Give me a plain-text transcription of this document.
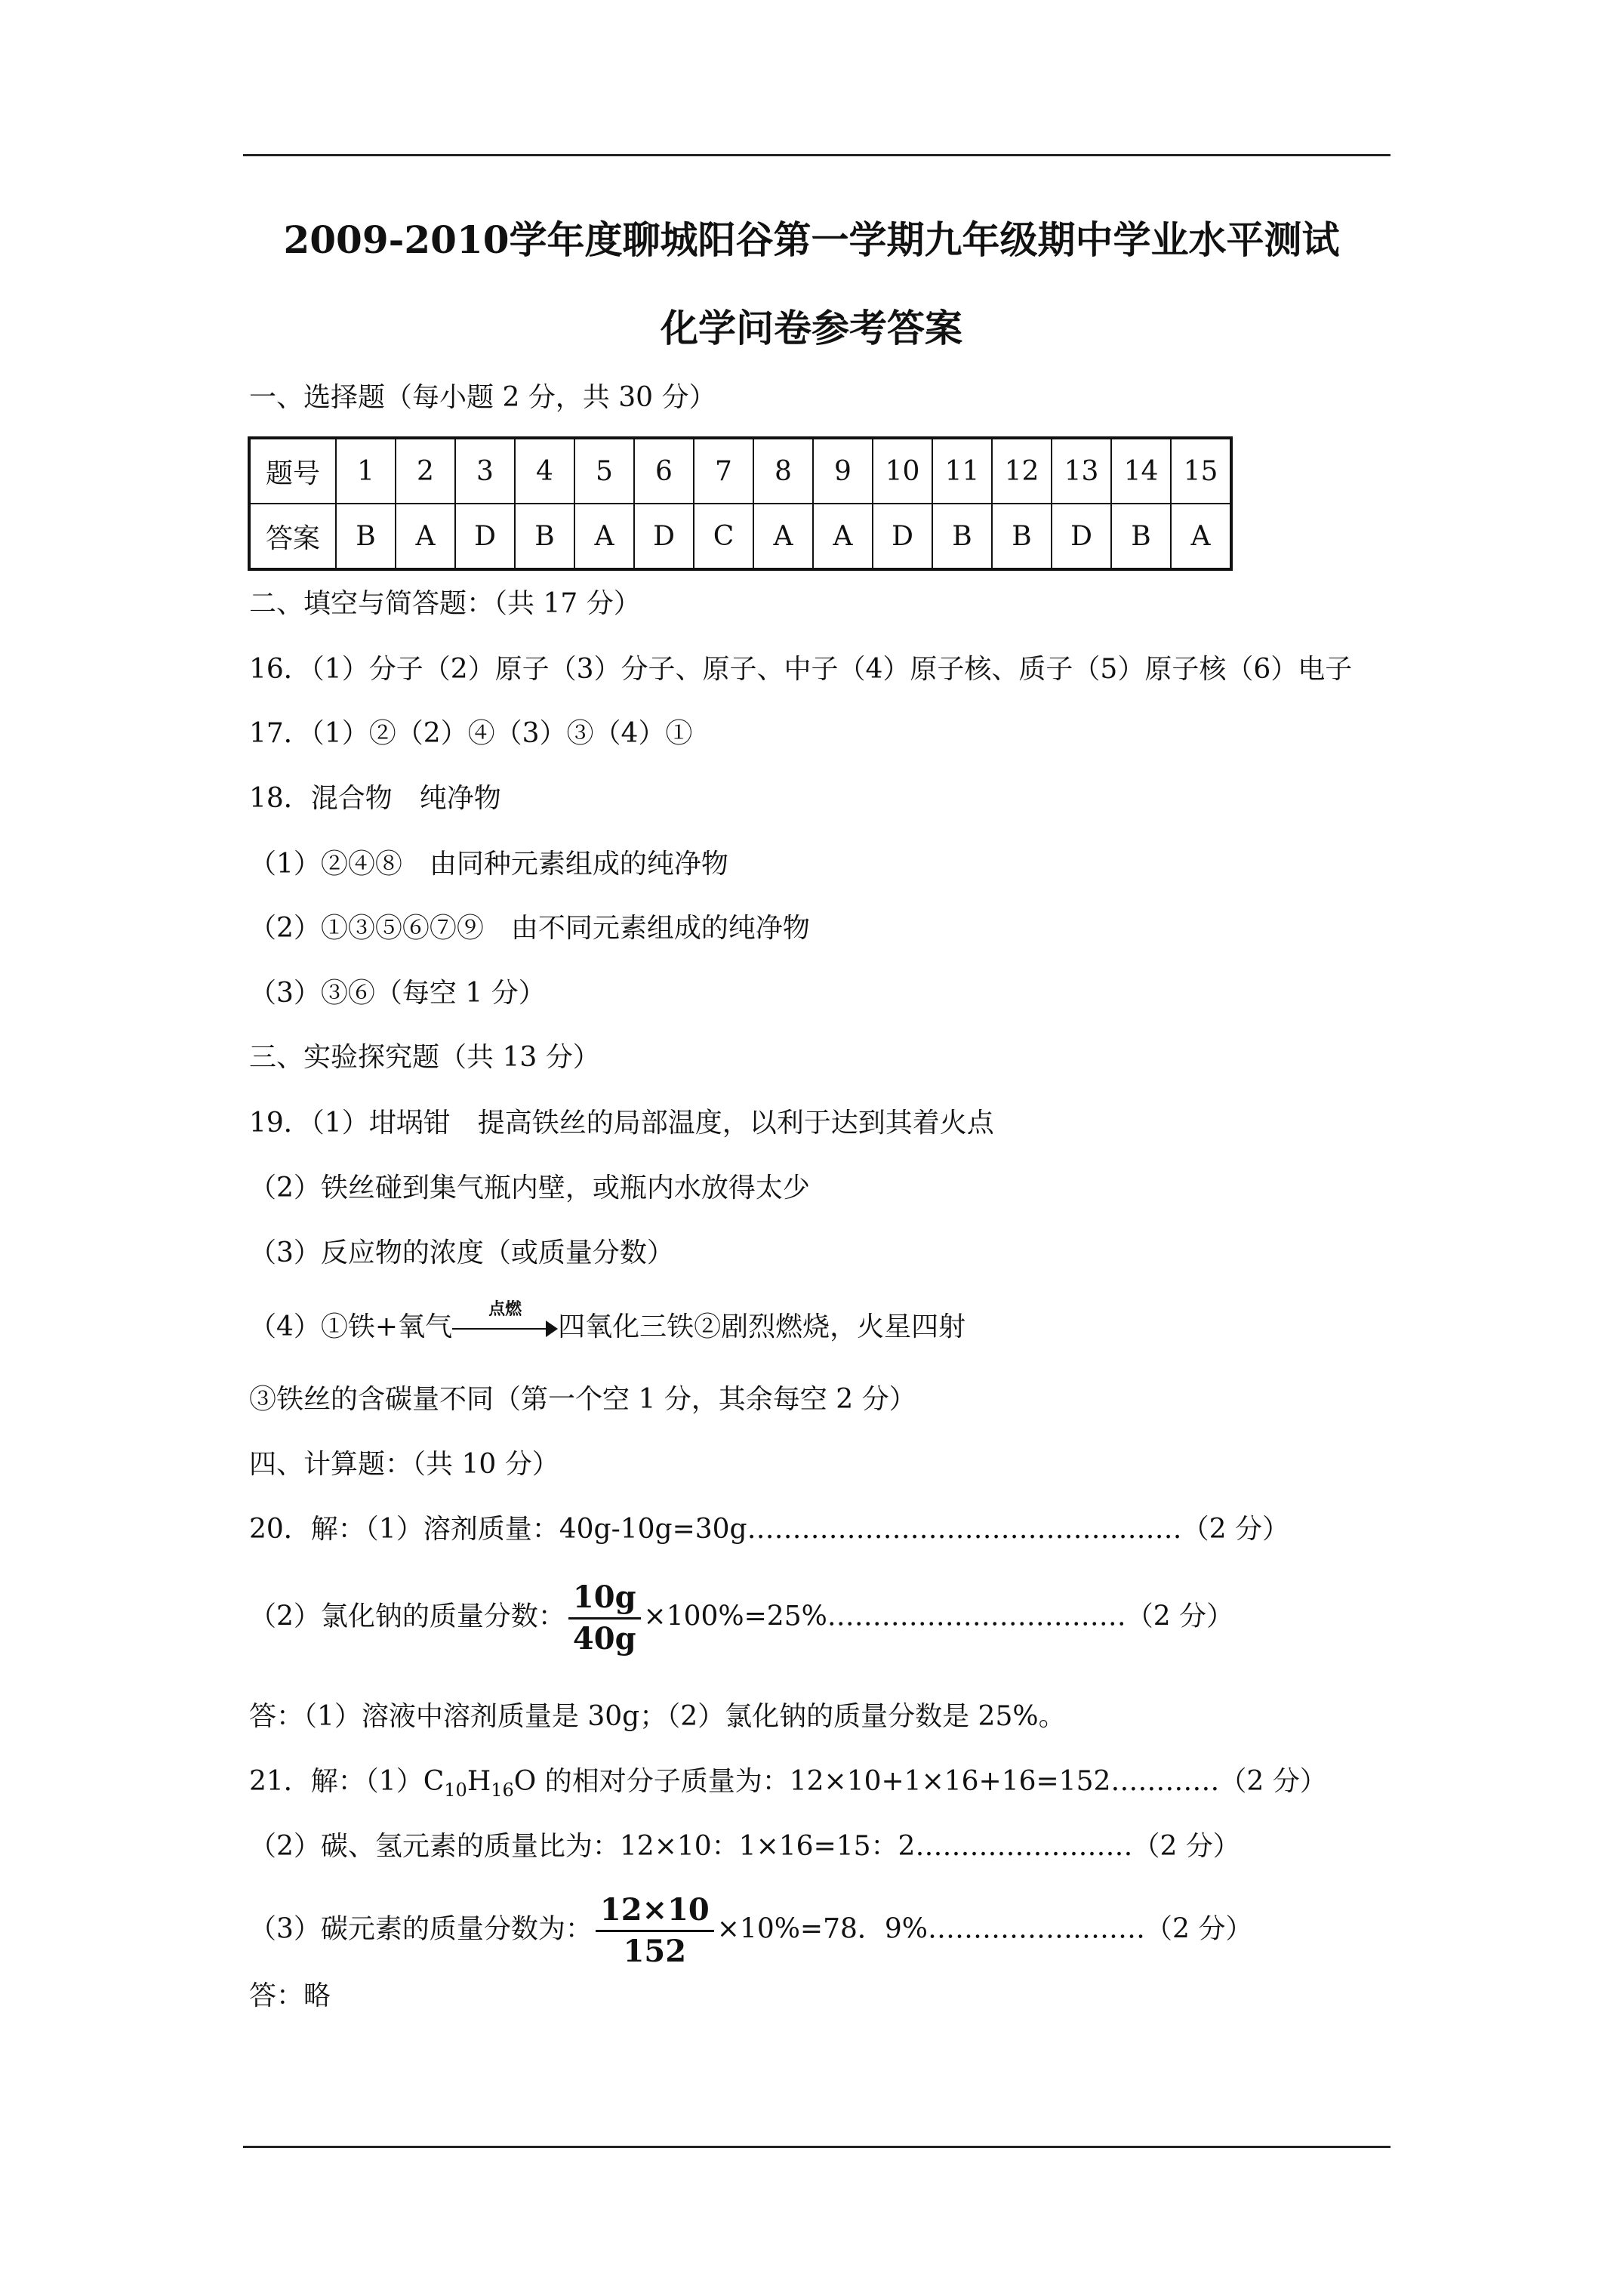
2009-2010学年度聊城阳谷第一学期九年级期中学业水平测试
化学问卷参考答案
一、选择题（每小题 2 分，共 30 分）
题号	1	2	3	4	5	6	7	8	9	10	11	12	13	14	15
答案	B	A	D	B	A	D	C	A	A	D	B	B	D	B	A
二、填空与简答题：（共 17 分）
16．（1）分子（2）原子（3）分子、原子、中子（4）原子核、质子（5）原子核（6）电子
17．（1）②（2）④（3）③（4）①
18．混合物　纯净物
（1）②④⑧　由同种元素组成的纯净物
（2）①③⑤⑥⑦⑨　由不同元素组成的纯净物
（3）③⑥（每空 1 分）
三、实验探究题（共 13 分）
19．（1）坩埚钳　提高铁丝的局部温度，以利于达到其着火点
（2）铁丝碰到集气瓶内壁，或瓶内水放得太少
（3）反应物的浓度（或质量分数）
（4）①铁+氧气
点燃
四氧化三铁②剧烈燃烧，火星四射
③铁丝的含碳量不同（第一个空 1 分，其余每空 2 分）
四、计算题：（共 10 分）
20．解：（1）溶剂质量：40g-10g=30g…………………………………………（2 分）
（2）氯化钠的质量分数： $\frac{10g}{40g}$ ×100%=25%……………………………（2 分）
答：（1）溶液中溶剂质量是 30g；（2）氯化钠的质量分数是 25%。
21．解：$(1)C_{10}H_{16}O$ 的相对分子质量为：12×10+1×16+16=152…………（2 分）
（2）碳、氢元素的质量比为：12×10：1×16=15：2……………………（2 分）
（3）碳元素的质量分数为： $\frac{12\times 10}{152} \times 10\%=78$．9%……………………（2 分）
答：略
